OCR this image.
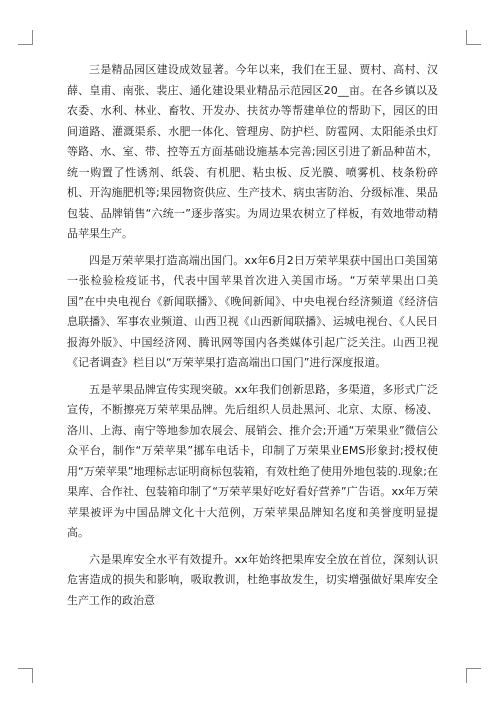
三是精品园区建设成效显著。今年以来，我们在王显、贾村、高村、汉薛、皇甫、南张、裴庄、通化建设果业精品示范园区20__亩。在各乡镇以及农委、水利、林业、畜牧、开发办、扶贫办等帮建单位的帮助下，园区的田间道路、灌溉渠系、水肥一体化、管理房、防护栏、防雹网、太阳能杀虫灯等路、水、室、带、控等五方面基础设施基本完善;园区引进了新品种苗木，统一购置了性诱剂、纸袋、有机肥、粘虫板、反光膜、喷雾机、枝条粉碎机、开沟施肥机等;果园物资供应、生产技术、病虫害防治、分级标准、果品包装、品牌销售“六统一”逐步落实。为周边果农树立了样板，有效地带动精品苹果生产。

四是万荣苹果打造高端出国门。xx年6月2日万荣苹果获中国出口美国第一张检验检疫证书，代表中国苹果首次进入美国市场。“万荣苹果出口美国”在中央电视台《新闻联播》、《晚间新闻》、中央电视台经济频道《经济信息联播》、军事农业频道、山西卫视《山西新闻联播》、运城电视台、《人民日报海外版》、中国经济网、腾讯网等国内各类媒体引起广泛关注。山西卫视《记者调查》栏目以“万荣苹果打造高端出口国门”进行深度报道。

五是苹果品牌宣传实现突破。xx年我们创新思路，多渠道，多形式广泛宣传，不断擦亮万荣苹果品牌。先后组织人员赴黑河、北京、太原、杨凌、洛川、上海、南宁等地参加农展会、展销会、推介会;开通“万荣果业”微信公众平台，制作“万荣苹果”挪车电话卡，印制了万荣果业EMS形象封;授权使用“万荣苹果”地理标志证明商标包装箱，有效杜绝了使用外地包装的.现象;在果库、合作社、包装箱印制了“万荣苹果好吃好看好营养”广告语。xx年万荣苹果被评为中国品牌文化十大范例，万荣苹果品牌知名度和美誉度明显提高。

六是果库安全水平有效提升。xx年始终把果库安全放在首位，深刻认识危害造成的损失和影响，吸取教训，杜绝事故发生，切实增强做好果库安全生产工作的政治意
